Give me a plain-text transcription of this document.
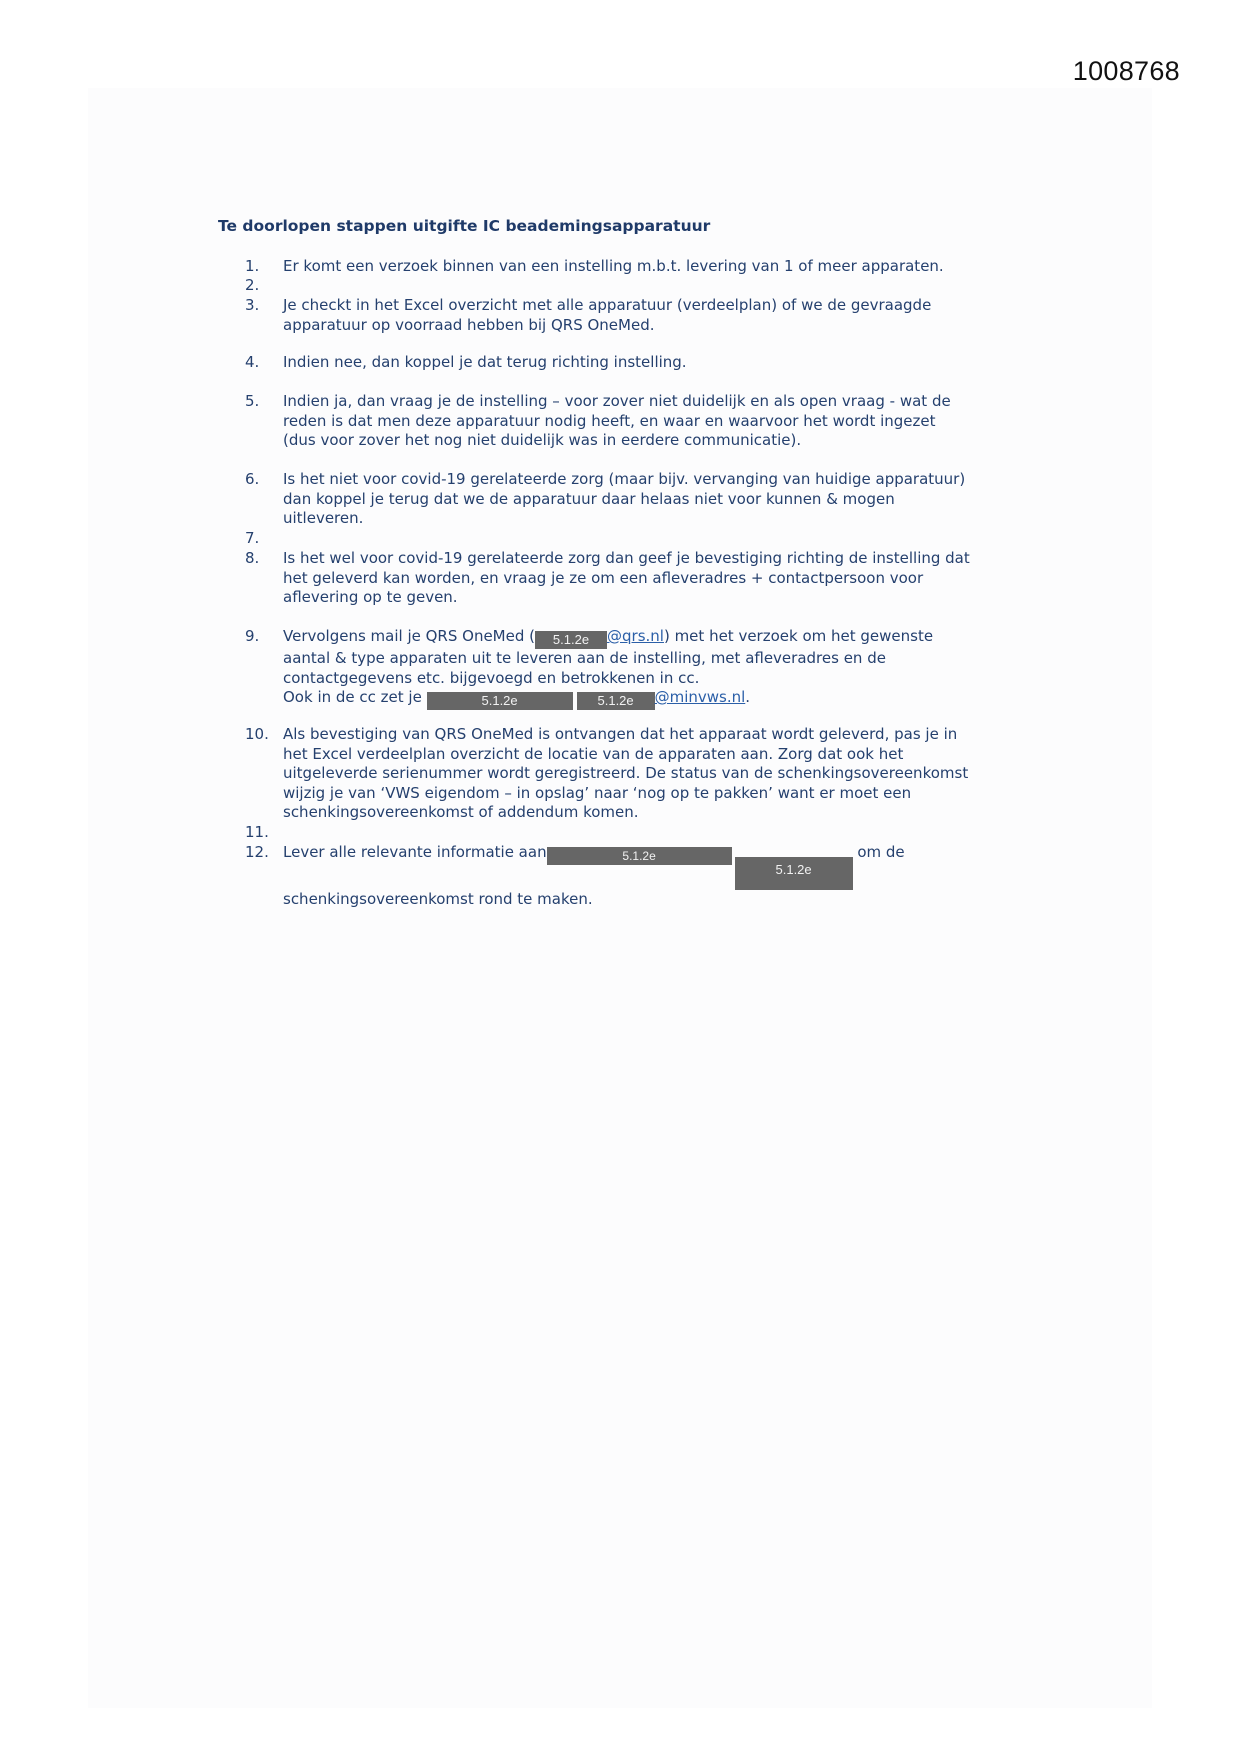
1008768
Te doorlopen stappen uitgifte IC beademingsapparatuur
1.	Er komt een verzoek binnen van een instelling m.b.t. levering van 1 of meer apparaten.
2.
3.	Je checkt in het Excel overzicht met alle apparatuur (verdeelplan) of we de gevraagde
apparatuur op voorraad hebben bij QRS OneMed.
4.	Indien nee, dan koppel je dat terug richting instelling.
5.	Indien ja, dan vraag je de instelling – voor zover niet duidelijk en als open vraag - wat de
reden is dat men deze apparatuur nodig heeft, en waar en waarvoor het wordt ingezet
(dus voor zover het nog niet duidelijk was in eerdere communicatie).
6.	Is het niet voor covid-19 gerelateerde zorg (maar bijv. vervanging van huidige apparatuur)
dan koppel je terug dat we de apparatuur daar helaas niet voor kunnen & mogen
uitleveren.
7.
8.	Is het wel voor covid-19 gerelateerde zorg dan geef je bevestiging richting de instelling dat
het geleverd kan worden, en vraag je ze om een afleveradres + contactpersoon voor
aflevering op te geven.
9.	Vervolgens mail je QRS OneMed ( 5.1.2e @qrs.nl) met het verzoek om het gewenste
aantal & type apparaten uit te leveren aan de instelling, met afleveradres en de
contactgegevens etc. bijgevoegd en betrokkenen in cc.
Ook in de cc zet je	5.1.2e	5.1.2e @minvws.nl.
10. Als bevestiging van QRS OneMed is ontvangen dat het apparaat wordt geleverd, pas je in
het Excel verdeelplan overzicht de locatie van de apparaten aan. Zorg dat ook het
uitgeleverde serienummer wordt geregistreerd. De status van de schenkingsovereenkomst
wijzig je van ‘VWS eigendom – in opslag’ naar ‘nog op te pakken’ want er moet een
schenkingsovereenkomst of addendum komen.
11.
12. Lever alle relevante informatie aan	5.1.2e5.1.2e om de
schenkingsovereenkomst rond te maken.
